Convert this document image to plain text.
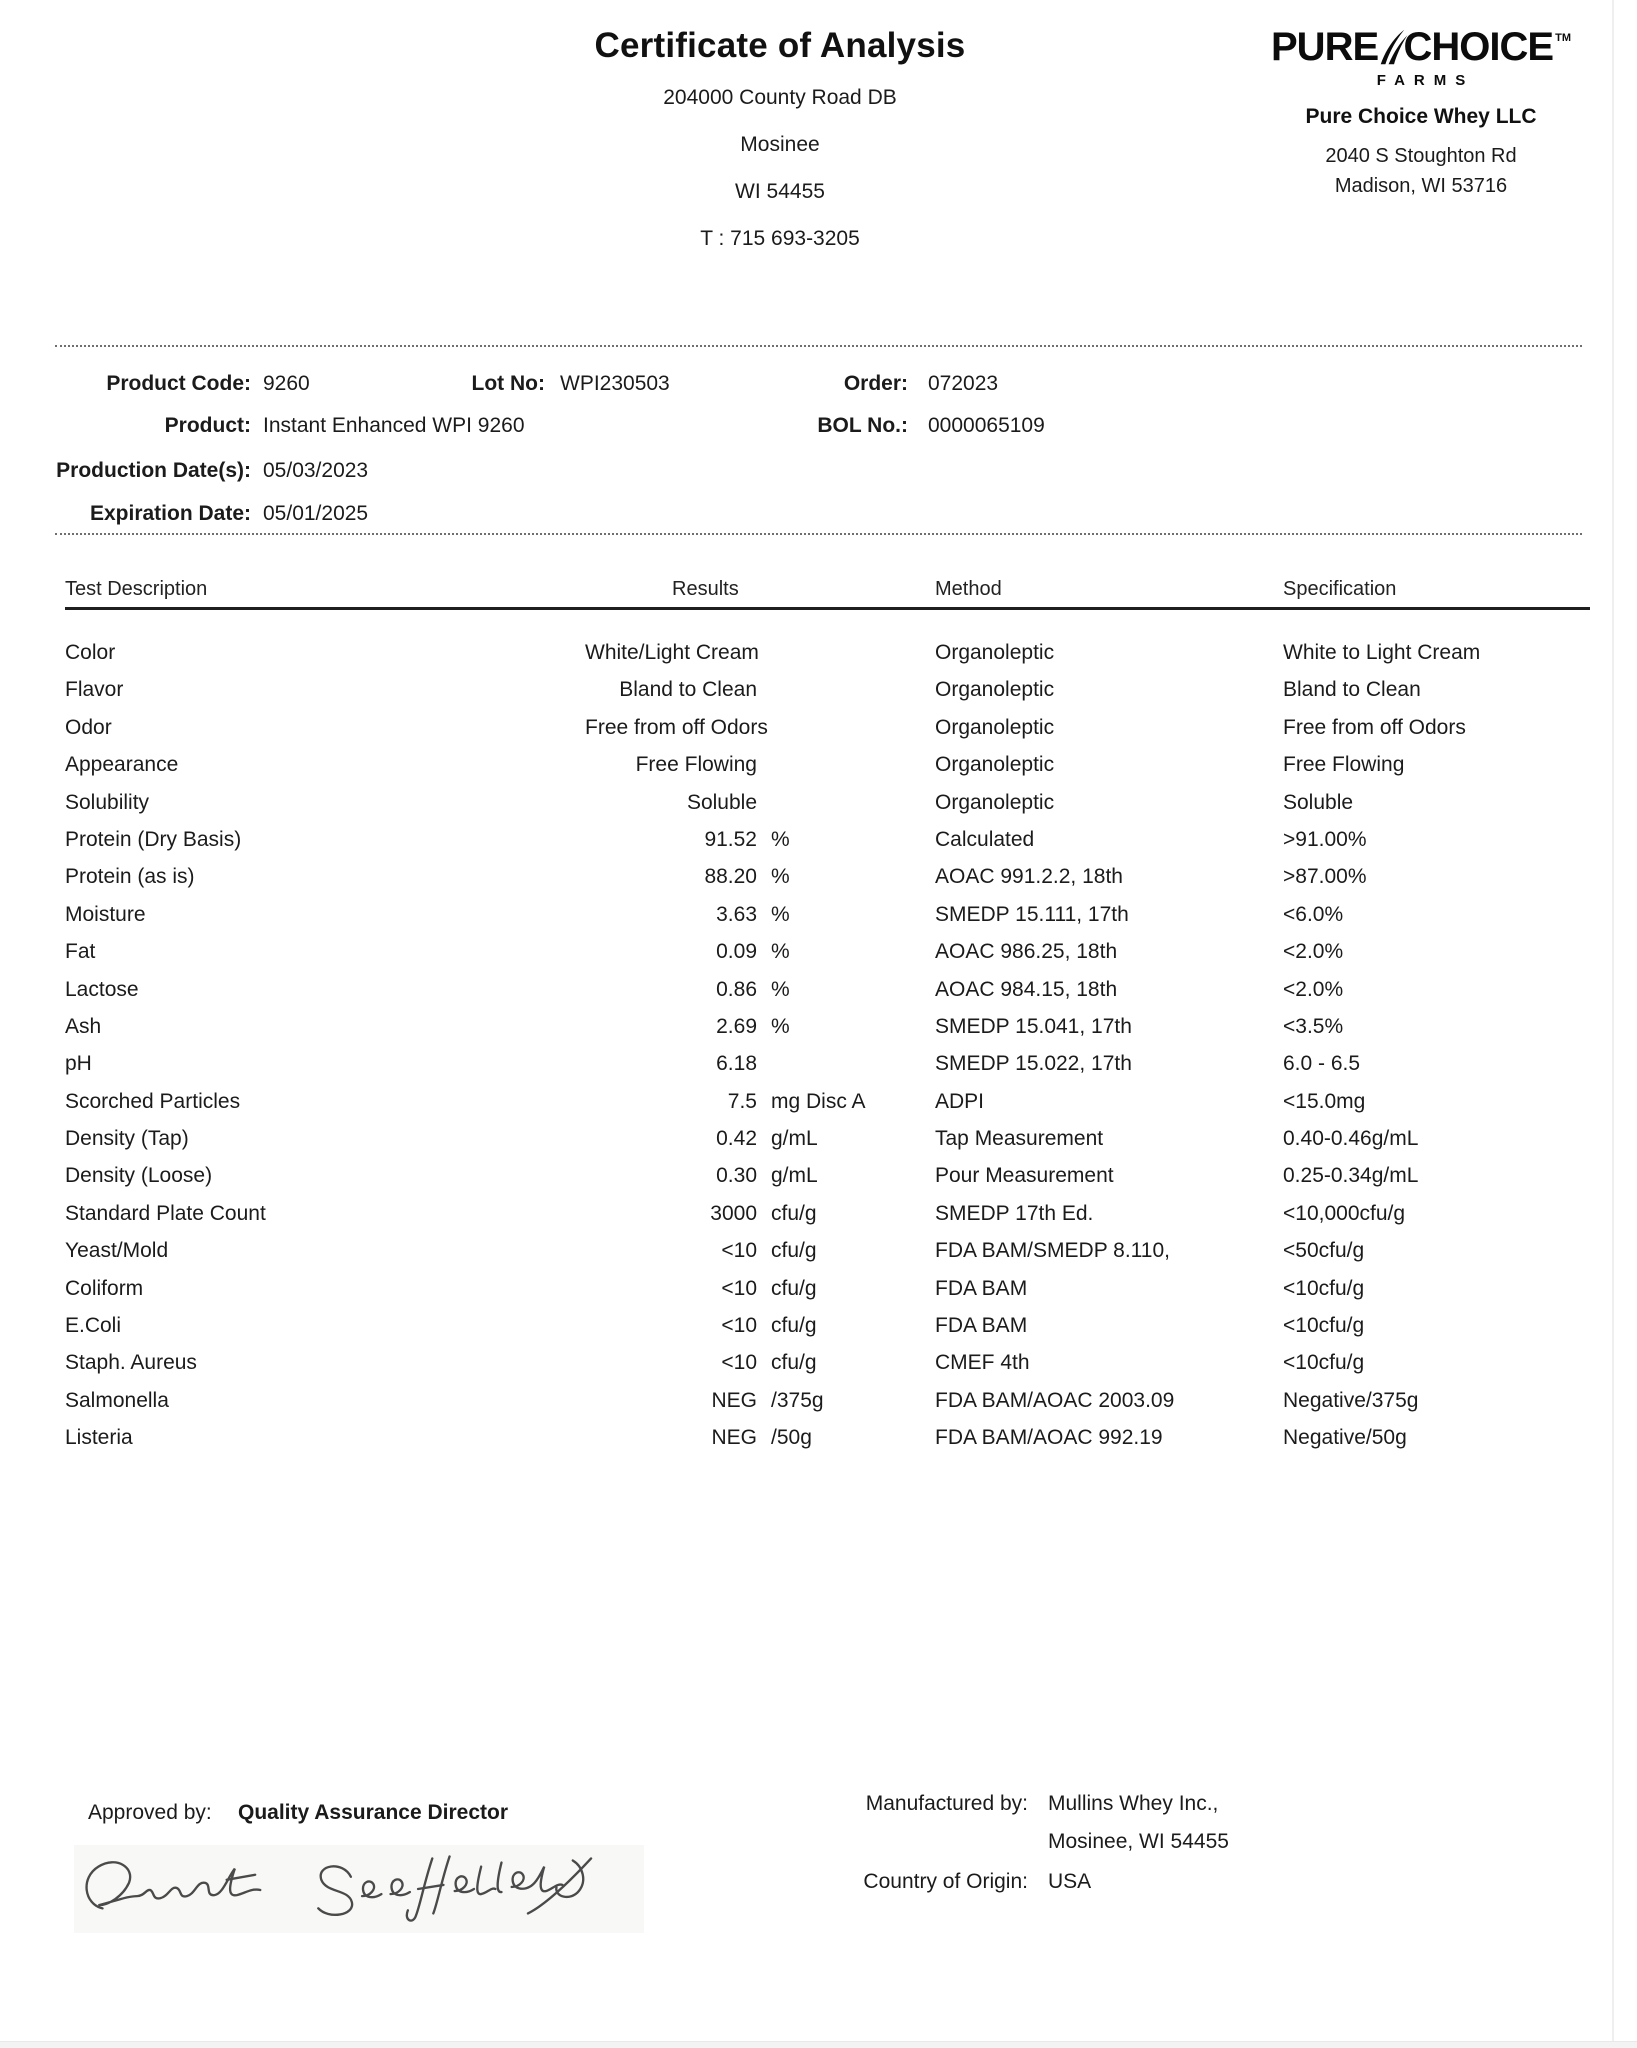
Certificate of Analysis
204000 County Road DB
Mosinee
WI 54455
T : 715 693-3205
PURE CHOICE TM
FARMS
Pure Choice Whey LLC
2040 S Stoughton Rd
Madison, WI 53716
Product Code: 9260	Lot No: WPI230503	Order: 072023
Product: Instant Enhanced WPI 9260	BOL No.: 0000065109
Production Date(s): 05/03/2023
Expiration Date: 05/01/2025
Test Description	Results	Method	Specification
Color	White/Light Cream	Organoleptic	White to Light Cream
Flavor	Bland to Clean	Organoleptic	Bland to Clean
Odor	Free from off Odors	Organoleptic	Free from off Odors
Appearance	Free Flowing	Organoleptic	Free Flowing
Solubility	Soluble	Organoleptic	Soluble
Protein (Dry Basis)	91.52 %	Calculated	>91.00%
Protein (as is)	88.20 %	AOAC 991.2.2, 18th	>87.00%
Moisture	3.63 %	SMEDP 15.111, 17th	<6.0%
Fat	0.09 %	AOAC 986.25, 18th	<2.0%
Lactose	0.86 %	AOAC 984.15, 18th	<2.0%
Ash	2.69 %	SMEDP 15.041, 17th	<3.5%
pH	6.18	SMEDP 15.022, 17th	6.0 - 6.5
Scorched Particles	7.5 mg Disc A	ADPI	<15.0mg
Density (Tap)	0.42 g/mL	Tap Measurement	0.40-0.46g/mL
Density (Loose)	0.30 g/mL	Pour Measurement	0.25-0.34g/mL
Standard Plate Count	3000 cfu/g	SMEDP 17th Ed.	<10,000cfu/g
Yeast/Mold	<10 cfu/g	FDA BAM/SMEDP 8.110,	<50cfu/g
Coliform	<10 cfu/g	FDA BAM	<10cfu/g
E.Coli	<10 cfu/g	FDA BAM	<10cfu/g
Staph. Aureus	<10 cfu/g	CMEF 4th	<10cfu/g
Salmonella	NEG /375g	FDA BAM/AOAC 2003.09	Negative/375g
Listeria	NEG /50g	FDA BAM/AOAC 992.19	Negative/50g
Approved by: Quality Assurance Director	Manufactured by: Mullins Whey Inc.,
Mosinee, WI 54455
Country of Origin: USA
